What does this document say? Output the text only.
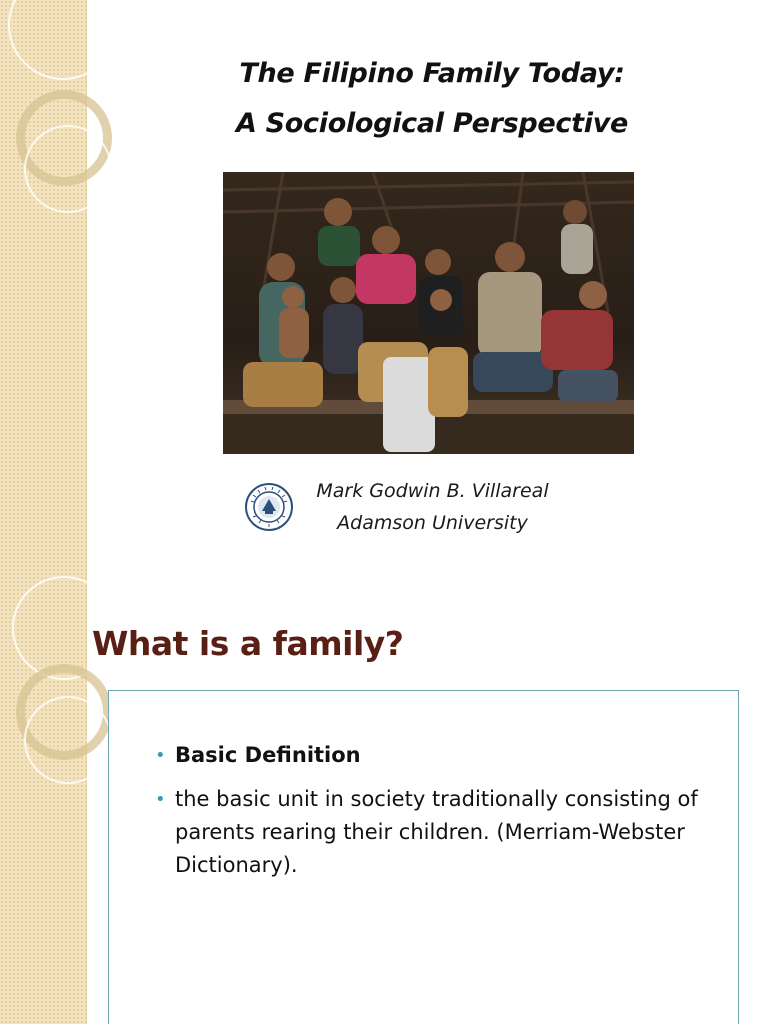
The Filipino Family Today:
A Sociological Perspective
Mark Godwin B. Villareal
Adamson University
What is a family?
• Basic Definition
• the basic unit in society traditionally consisting of parents rearing their children. (Merriam-Webster Dictionary).
